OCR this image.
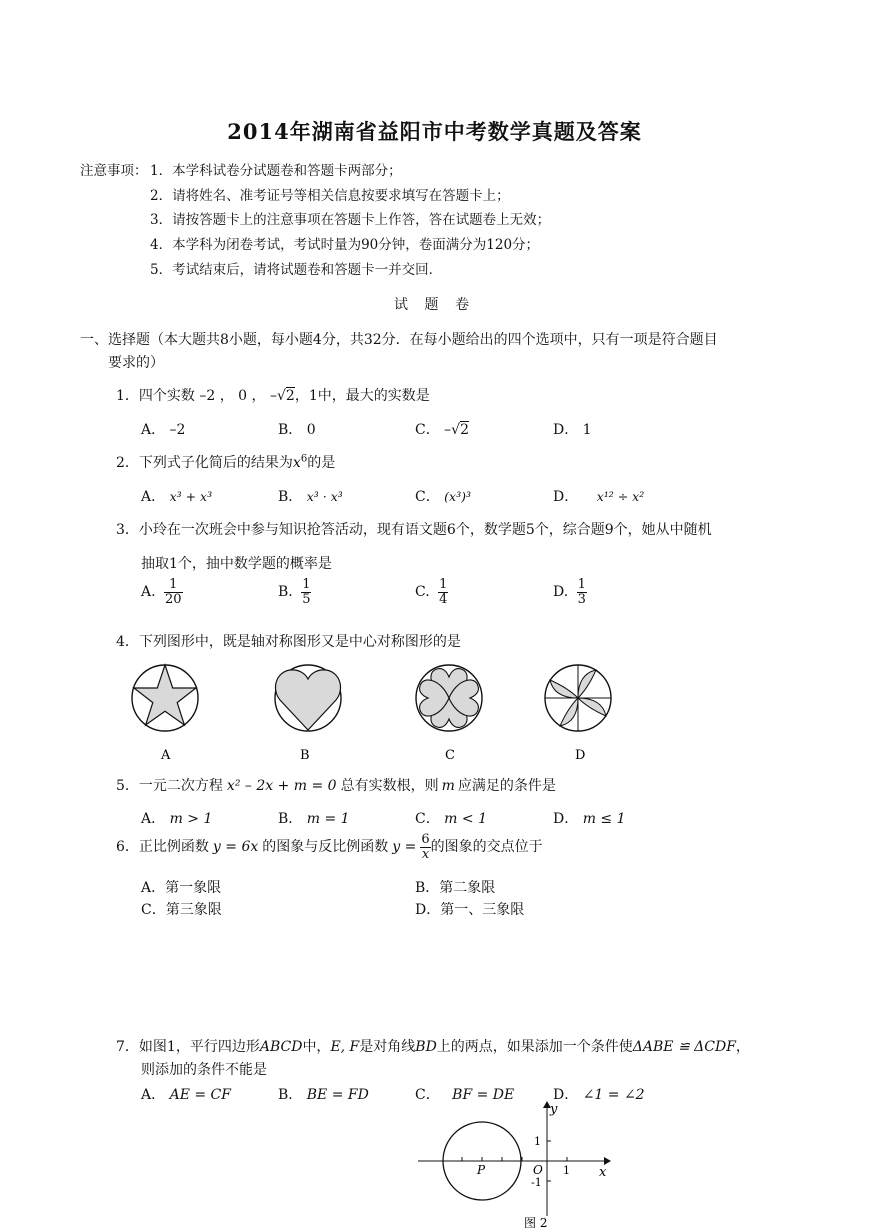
2014年湖南省益阳市中考数学真题及答案
注意事项： 1．本学科试卷分试题卷和答题卡两部分；
2．请将姓名、准考证号等相关信息按要求填写在答题卡上；
3．请按答题卡上的注意事项在答题卡上作答，答在试题卷上无效；
4．本学科为闭卷考试，考试时量为90分钟，卷面满分为120分；
5．考试结束后，请将试题卷和答题卡一并交回．
试 题 卷
一、选择题（本大题共8小题，每小题4分，共32分．在每小题给出的四个选项中，只有一项是符合题目
要求的）
1．四个实数 –2 ， 0 ， –√2，1中，最大的实数是
A． –2	B． 0	C． –√2	D． 1
2．下列式子化简后的结果为$x^6$的是
A． x³ + x³	B． x³ · x³	C． (x³)³	D． x¹² ÷ x²
3．小玲在一次班会中参与知识抢答活动，现有语文题6个，数学题5个，综合题9个，她从中随机
抽取1个，抽中数学题的概率是
A. $\frac{1}{20}$	B. $\frac{1}{5}$	C. $\frac{1}{4}$	D. $\frac{1}{3}$
4．下列图形中，既是轴对称图形又是中心对称图形的是
A	B	C	D
5．一元二次方程 x² – 2x + m = 0 总有实数根，则 m 应满足的条件是
A． m > 1	B． m = 1	C． m < 1	D． m ≤ 1
6．正比例函数 y = 6x 的图象与反比例函数 $y = \frac{6}{x}$ 的图象的交点位于
A．第一象限	B．第二象限
C．第三象限	D．第一、三象限
7．如图1，平行四边形ABCD中，E, F是对角线BD上的两点，如果添加一个条件使ΔABE ≌ ΔCDF，
则添加的条件不能是
A． AE = CF	B． BE = FD	C． BF = DE	D． ∠1 = ∠2
y
x
O
P
1
-1
1
图 2
